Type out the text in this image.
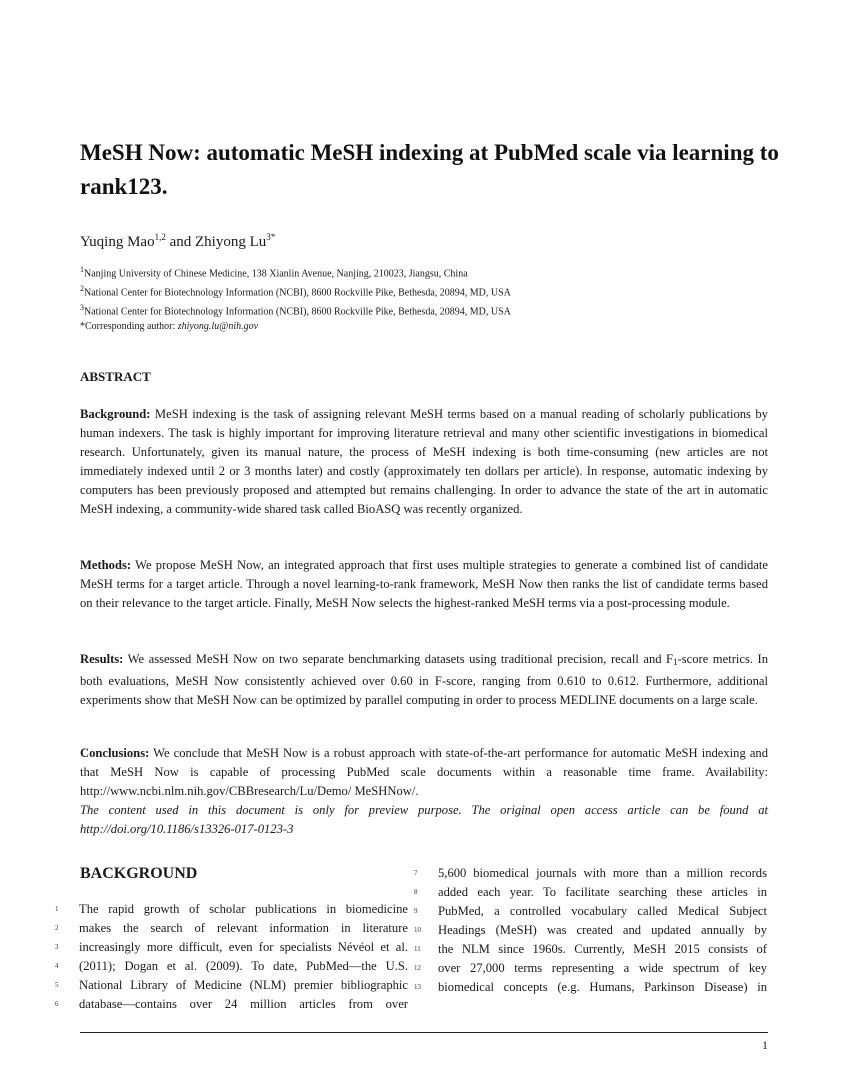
MeSH Now: automatic MeSH indexing at PubMed scale via learning to rank123.
Yuqing Mao$^{1,2}$ and Zhiyong $Lu^{3*}$
$^1$Nanjing University of Chinese Medicine, 138 Xianlin Avenue, Nanjing, 210023, Jiangsu, China
$^2$National Center for Biotechnology Information (NCBI), 8600 Rockville Pike, Bethesda, 20894, MD, USA
$^3$National Center for Biotechnology Information (NCBI), 8600 Rockville Pike, Bethesda, 20894, MD, USA
*Corresponding author: zhiyong.lu@nih.gov
ABSTRACT

Background: MeSH indexing is the task of assigning relevant MeSH terms based on a manual reading of scholarly publications by human indexers. The task is highly important for improving literature retrieval and many other scientific investigations in biomedical research. Unfortunately, given its manual nature, the process of MeSH indexing is both time-consuming (new articles are not immediately indexed until 2 or 3 months later) and costly (approximately ten dollars per article). In response, automatic indexing by computers has been previously proposed and attempted but remains challenging. In order to advance the state of the art in automatic MeSH indexing, a community-wide shared task called BioASQ was recently organized.

Methods: We propose MeSH Now, an integrated approach that first uses multiple strategies to generate a combined list of candidate MeSH terms for a target article. Through a novel learning-to-rank framework, MeSH Now then ranks the list of candidate terms based on their relevance to the target article. Finally, MeSH Now selects the highest-ranked MeSH terms via a post-processing module.

Results: We assessed MeSH Now on two separate benchmarking datasets using traditional precision, recall and F1-score metrics. In both evaluations, MeSH Now consistently achieved over 0.60 in F-score, ranging from 0.610 to 0.612. Furthermore, additional experiments show that MeSH Now can be optimized by parallel computing in order to process MEDLINE documents on a large scale.

Conclusions: We conclude that MeSH Now is a robust approach with state-of-the-art performance for automatic MeSH indexing and that MeSH Now is capable of processing PubMed scale documents within a reasonable time frame. Availability: http://www.ncbi.nlm.nih.gov/CBBresearch/Lu/Demo/ MeSHNow/.
The content used in this document is only for preview purpose. The original open access article can be found at http://doi.org/10.1186/s13326-017-0123-3

BACKGROUND
1	The rapid growth of scholar publications in biomedicine
2	makes the search of relevant information in literature
3	increasingly more difficult, even for specialists Névéol et al.
4	(2011); Dogan et al. (2009). To date, PubMed—the U.S.
5	National Library of Medicine (NLM) premier bibliographic
6	database—contains over 24 million articles from over
7	5,600 biomedical journals with more than a million records
8	added each year. To facilitate searching these articles in
9	PubMed, a controlled vocabulary called Medical Subject
10	Headings (MeSH) was created and updated annually by
11	the NLM since 1960s. Currently, MeSH 2015 consists of
12	over 27,000 terms representing a wide spectrum of key
13	biomedical concepts (e.g. Humans, Parkinson Disease) in
1
